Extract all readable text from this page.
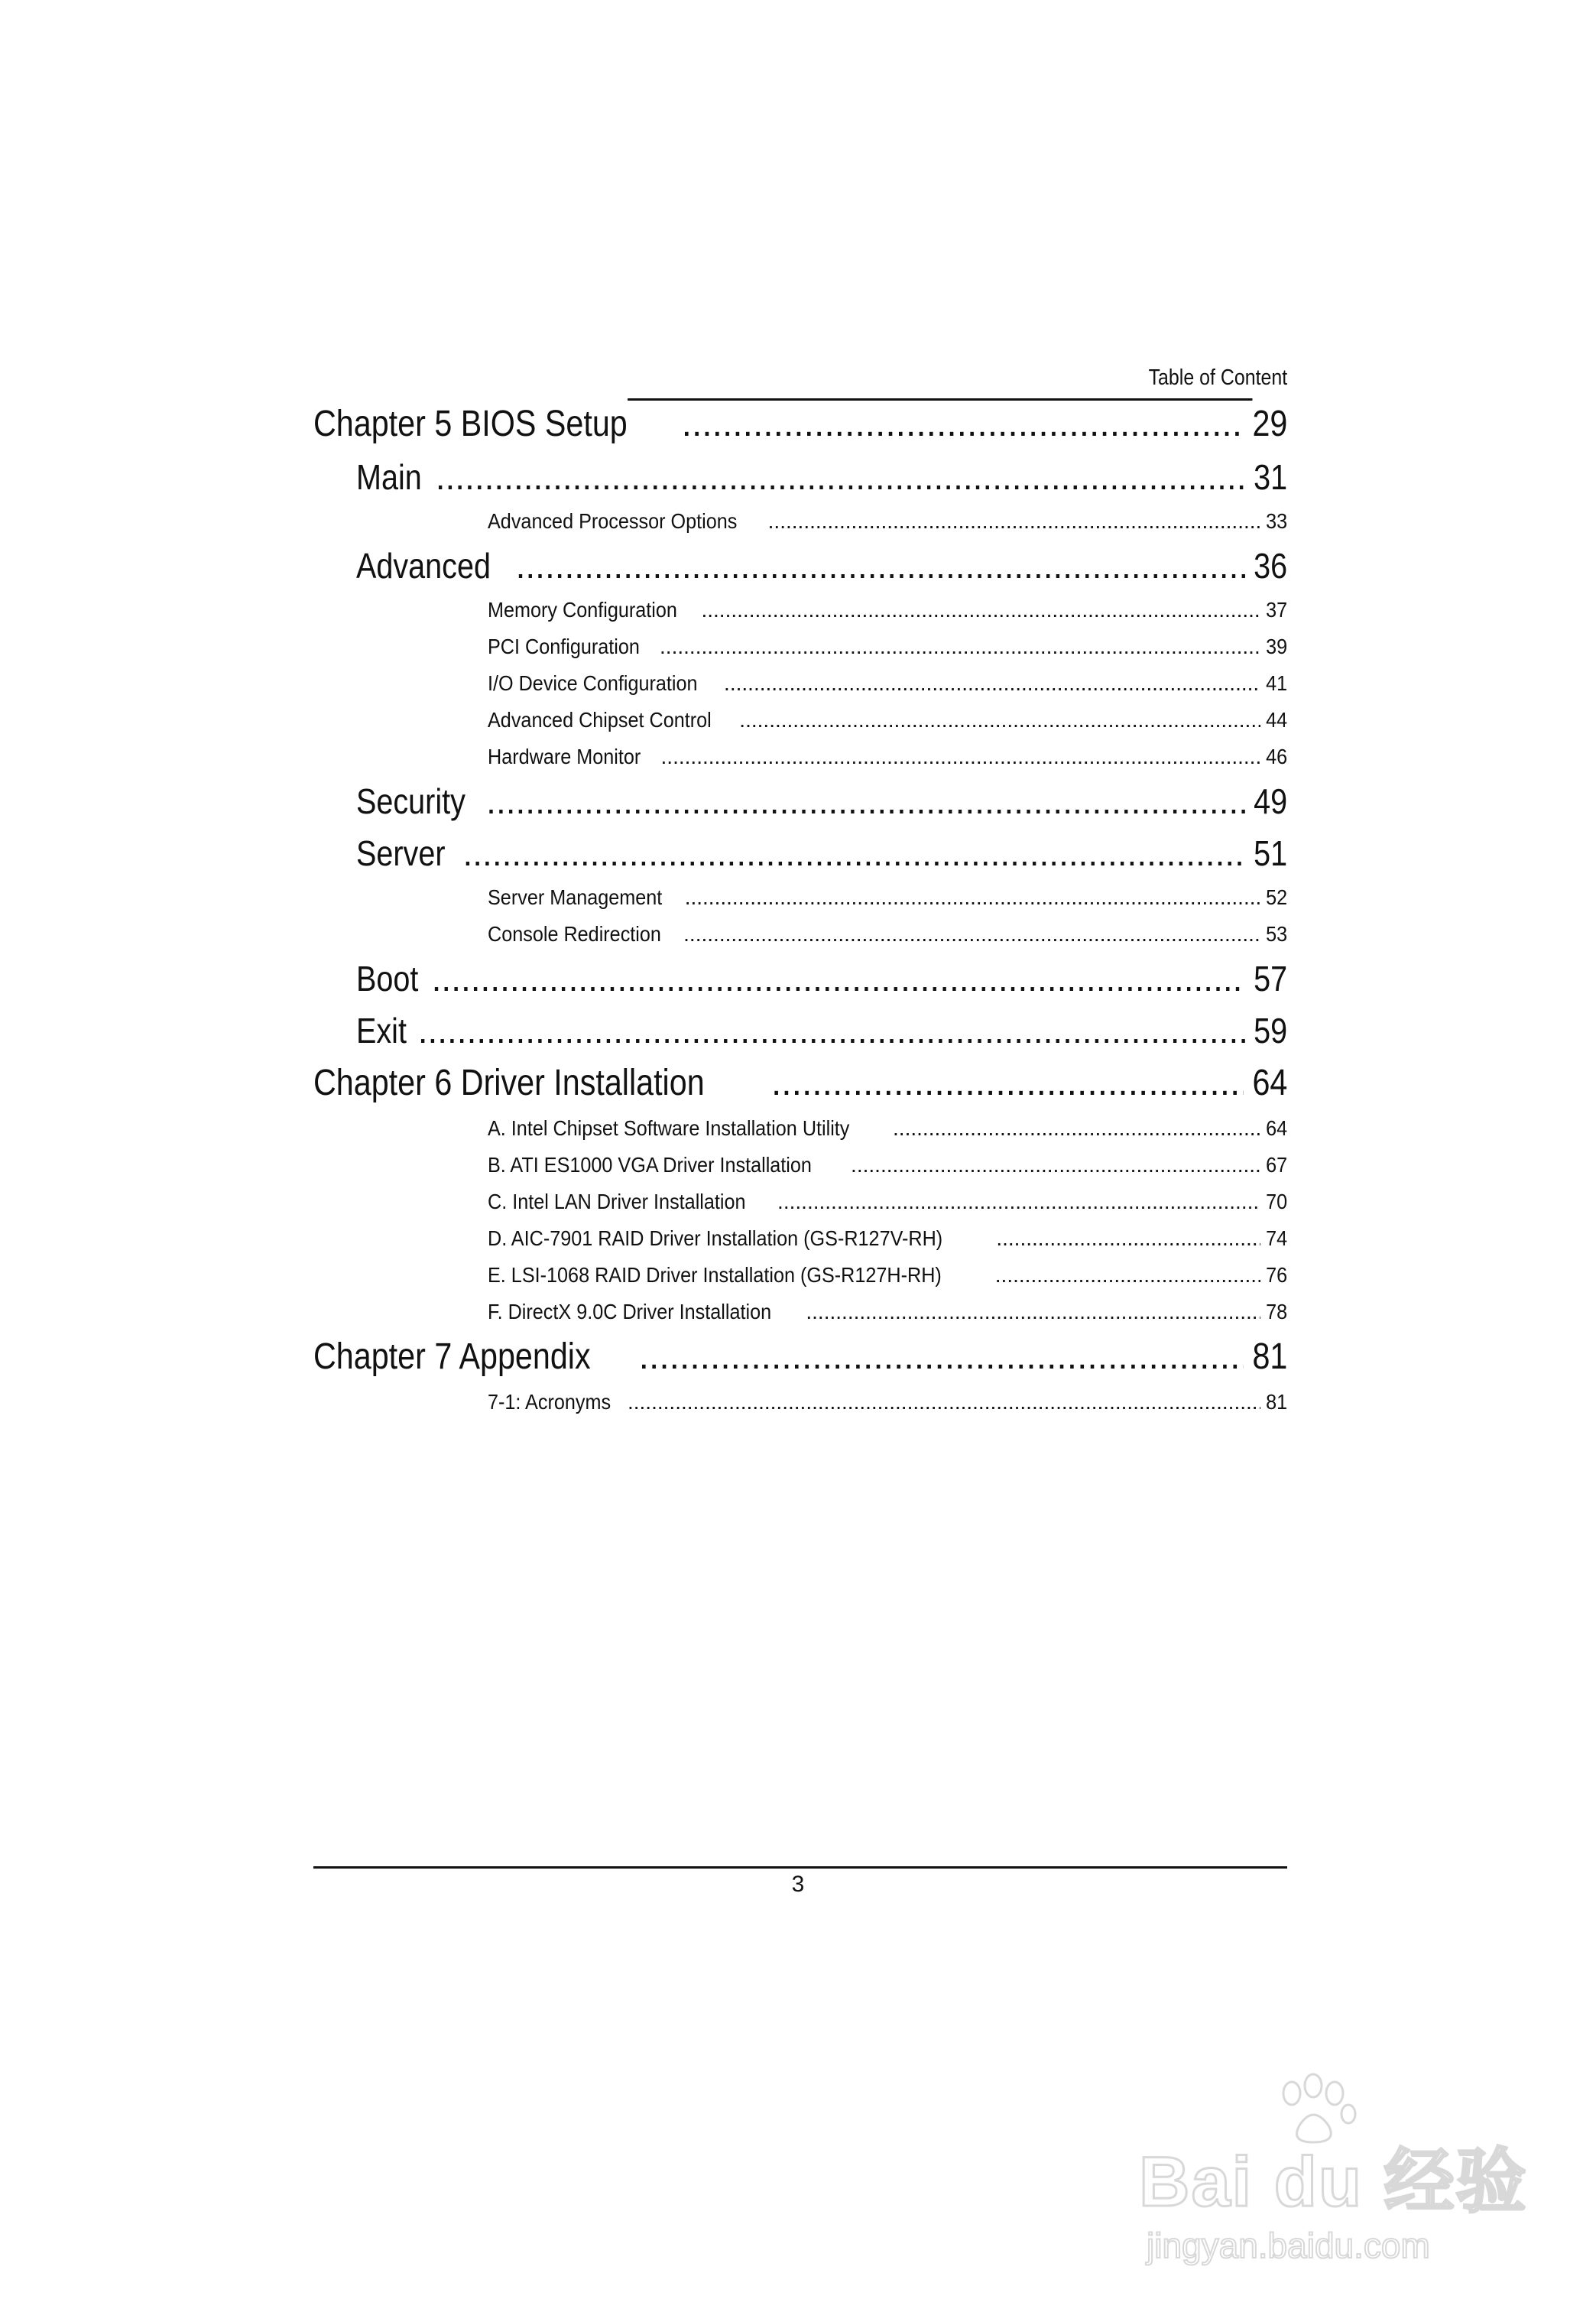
Table of Content
Chapter 5 BIOS Setup .....	29
Main .....	31
Advanced Processor Options .....	33
Advanced .....	36
Memory Configuration .....	37
PCI Configuration .....	39
I/O Device Configuration .....	41
Advanced Chipset Control .....	44
Hardware Monitor .....	46
Security .....	49
Server .....	51
Server Management .....	52
Console Redirection .....	53
Boot .....	57
Exit .....	59
Chapter 6 Driver Installation .....	64
A. Intel Chipset Software Installation Utility .....	64
B. ATI ES1000 VGA Driver Installation .....	67
C. Intel LAN Driver Installation .....	70
D. AIC-7901 RAID Driver Installation (GS-R127V-RH) .....	74
E. LSI-1068 RAID Driver Installation (GS-R127H-RH) .....	76
F. DirectX 9.0C Driver Installation .....	78
Chapter 7 Appendix .....	81
7-1: Acronyms .....	81
3
Bai du 经验
jingyan.baidu.com
